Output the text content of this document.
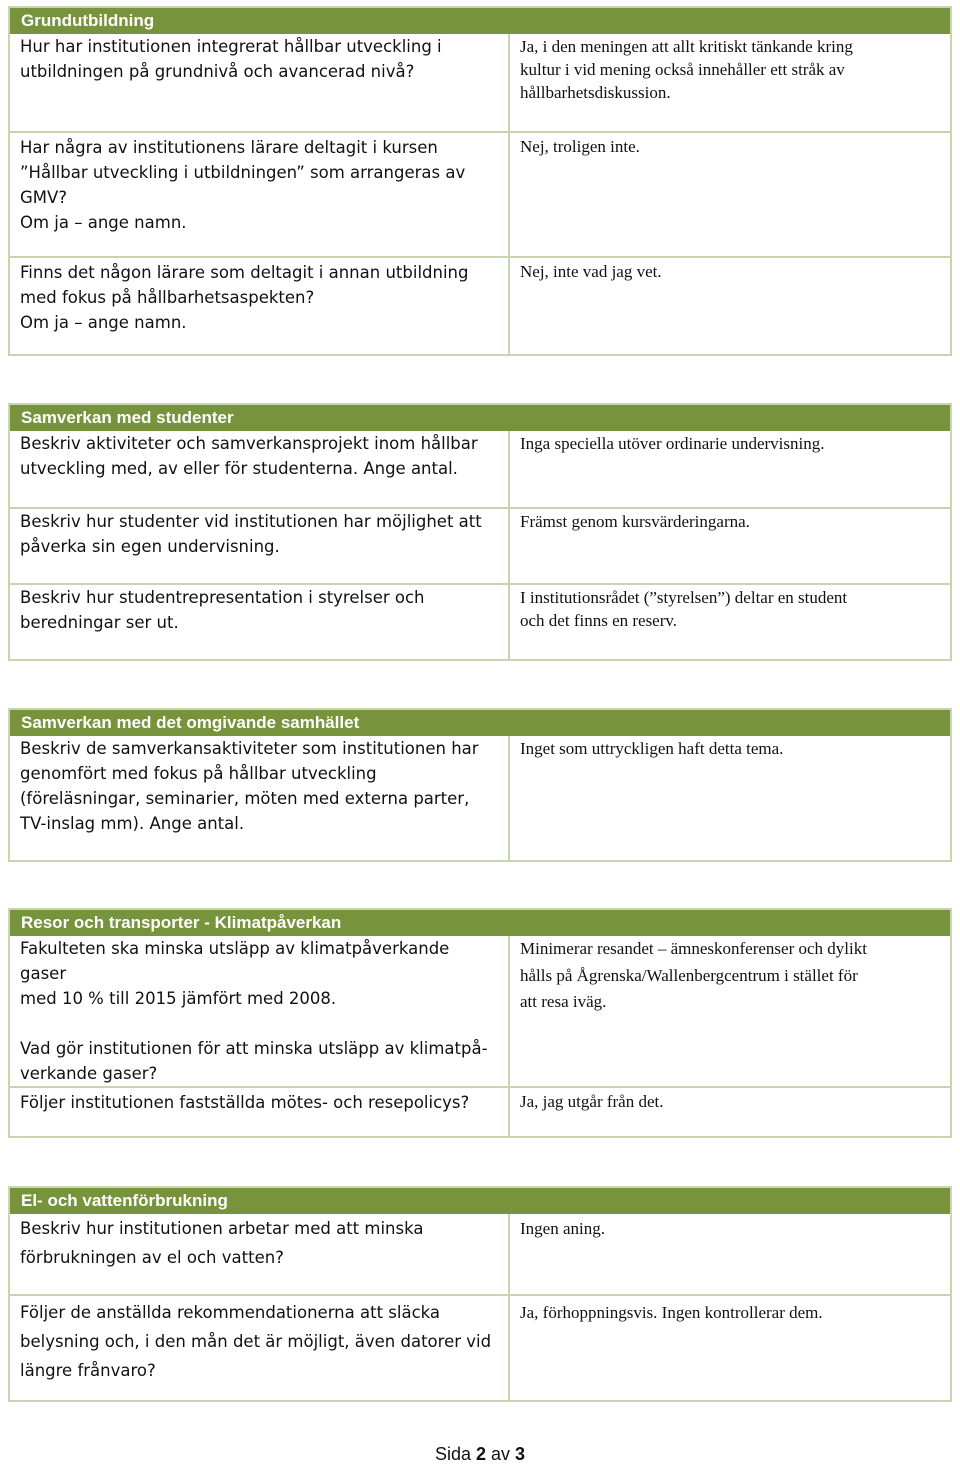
Grundutbildning
Hur har institutionen integrerat hållbar utveckling i
utbildningen på grundnivå och avancerad nivå?
Ja, i den meningen att allt kritiskt tänkande kring
kultur i vid mening också innehåller ett stråk av
hållbarhetsdiskussion.
Har några av institutionens lärare deltagit i kursen
”Hållbar utveckling i utbildningen” som arrangeras av
GMV?
Om ja – ange namn.
Nej, troligen inte.
Finns det någon lärare som deltagit i annan utbildning
med fokus på hållbarhetsaspekten?
Om ja – ange namn.
Nej, inte vad jag vet.
Samverkan med studenter
Beskriv aktiviteter och samverkansprojekt inom hållbar
utveckling med, av eller för studenterna. Ange antal.
Inga speciella utöver ordinarie undervisning.
Beskriv hur studenter vid institutionen har möjlighet att
påverka sin egen undervisning.
Främst genom kursvärderingarna.
Beskriv hur studentrepresentation i styrelser och
beredningar ser ut.
I institutionsrådet (”styrelsen”) deltar en student
och det finns en reserv.
Samverkan med det omgivande samhället
Beskriv de samverkansaktiviteter som institutionen har
genomfört med fokus på hållbar utveckling
(föreläsningar, seminarier, möten med externa parter,
TV-inslag mm). Ange antal.
Inget som uttryckligen haft detta tema.
Resor och transporter - Klimatpåverkan
Fakulteten ska minska utsläpp av klimatpåverkande gaser
med 10 % till 2015 jämfört med 2008.

Vad gör institutionen för att minska utsläpp av klimatpå-
verkande gaser?
Minimerar resandet – ämneskonferenser och dylikt
hålls på Ågrenska/Wallenbergcentrum i stället för
att resa iväg.
Följer institutionen fastställda mötes- och resepolicys?	Ja, jag utgår från det.
El- och vattenförbrukning
Beskriv hur institutionen arbetar med att minska
förbrukningen av el och vatten?
Ingen aning.
Följer de anställda rekommendationerna att släcka
belysning och, i den mån det är möjligt, även datorer vid
längre frånvaro?
Ja, förhoppningsvis. Ingen kontrollerar dem.
Sida 2 av 3
